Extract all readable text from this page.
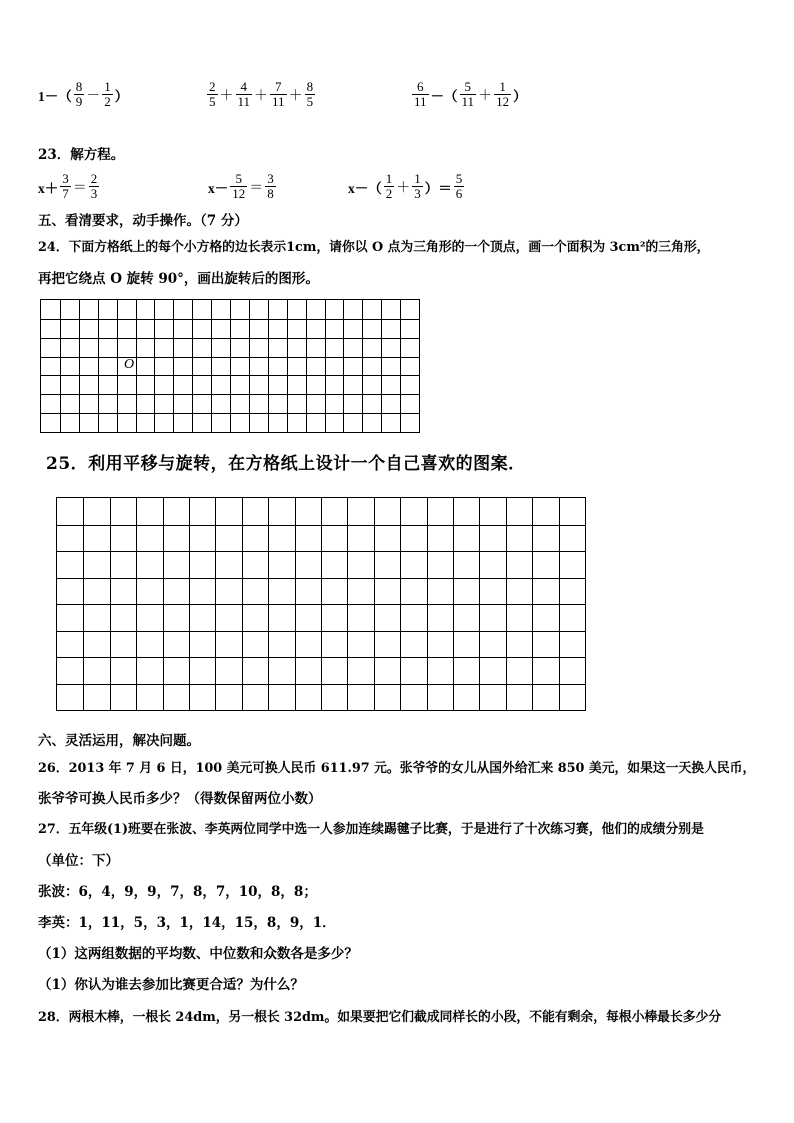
$1-( \frac{8}{9} - \frac{1}{2}$ ）	$\frac{2}{5} + \frac{4}{11} + \frac{7}{11} + \frac{8}{5}$	$\frac{6}{11}$ －（ $\frac{5}{11} + \frac{1}{12}$ ）
23．解方程。
$x+ \frac{3}{7} = \frac{2}{3}$	$x- \frac{5}{12} = \frac{3}{8}$	$x-( \frac{1}{2} + \frac{1}{3}$ ）＝ $\frac{5}{6}$
五、看清要求，动手操作。（7 分）
24．下面方格纸上的每个小方格的边长表示1cm，请你以 O 点为三角形的一个顶点，画一个面积为 3cm²的三角形，
再把它绕点 O 旋转 90°，画出旋转后的图形。
O
25．利用平移与旋转，在方格纸上设计一个自己喜欢的图案．
六、灵活运用，解决问题。
26．2013 年 7 月 6 日，100 美元可换人民币 611.97 元。张爷爷的女儿从国外给汇来 850 美元，如果这一天换人民币，
张爷爷可换人民币多少？（得数保留两位小数）
27．五年级(1)班要在张波、李英两位同学中选一人参加连续踢毽子比赛，于是进行了十次练习赛，他们的成绩分别是
（单位：下）
张波：6，4，9，9，7，8，7，10，8，8；
李英：1，11，5，3，1，14，15，8，9，1．
（1）这两组数据的平均数、中位数和众数各是多少？
（1）你认为谁去参加比赛更合适？为什么？
28．两根木棒，一根长 24dm，另一根长 32dm。如果要把它们截成同样长的小段，不能有剩余，每根小棒最长多少分
